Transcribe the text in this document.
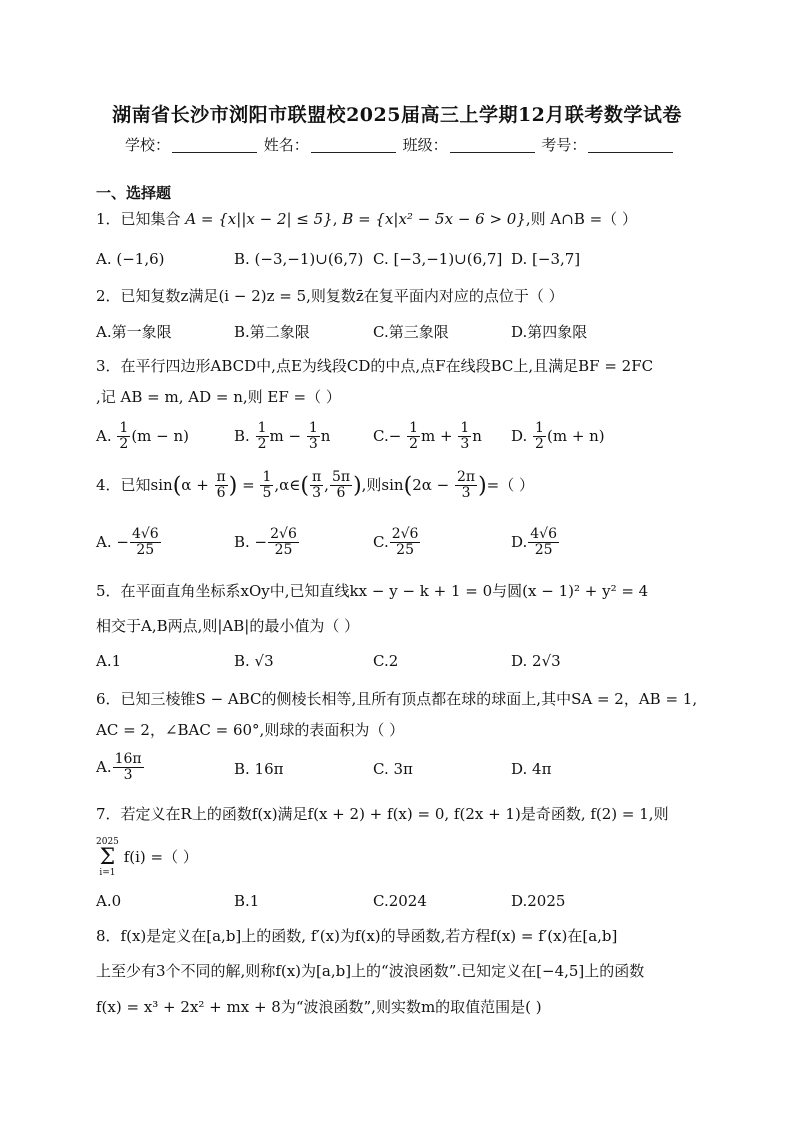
湖南省长沙市浏阳市联盟校2025届高三上学期12月联考数学试卷
学校：	姓名：	班级：	考号：
一、选择题
1．已知集合 A = {x||x − 2| ≤ 5}, B = {x|x² − 5x − 6 > 0},则 A∩B =（ ）
A. (−1,6)	B. (−3,−1)∪(6,7) C. [−3,−1)∪(6,7] D. [−3,7]
2．已知复数z满足(i − 2)z = 5,则复数z̄在复平面内对应的点位于（ ）
A.第一象限	B.第二象限	C.第三象限	D.第四象限
3．在平行四边形ABCD中,点E为线段CD的中点,点F在线段BC上,且满足BF = 2FC
,记 AB = m, AD = n,则 EF =（ ）
A. $\frac{1}{2} (m - n)$	B. $\frac{1}{2}$ $m - \frac{1}{3}$ n	$C.- \frac{1}{2}$ $m + \frac{1}{3}$ n D. $\frac{1}{2} (m + n)$
4．已知$\sin(\alpha + \frac{\pi}{6}$ ) = $\frac{1}{5}$ ,α∈( $\frac{\pi}{3}$ , $\frac{5\pi}{6}$ ),则$\sin(2\alpha - \frac{2\pi}{3}$ )=（ ）
A. − $\frac{4√6}{25}$	B. − $\frac{2√6}{25}$	C. $\frac{2√6}{25}$	D. $\frac{4√6}{25}$
5．在平面直角坐标系xOy中,已知直线kx − y − k + 1 = 0与圆(x − 1)² + y² = 4
相交于A,B两点,则|AB|的最小值为（ ）
A.1	B. √3	C.2	D. 2√3
6．已知三棱锥S − ABC的侧棱长相等,且所有顶点都在球的球面上,其中SA = 2，AB = 1,
AC = 2，∠BAC = 60°,则球的表面积为（ ）
A. $\frac{16\pi}{3}$	B. 16π	C. 3π	D. 4π
7．若定义在R上的函数f(x)满足f(x + 2) + f(x) = 0, f(2x + 1)是奇函数, f(2) = 1,则
2025
Σ
i=1
f(i) =（ ）
A.0	B.1	C.2024	D.2025
8．f(x)是定义在[a,b]上的函数, f′(x)为f(x)的导函数,若方程f(x) = f′(x)在[a,b]
上至少有3个不同的解,则称f(x)为[a,b]上的“波浪函数”.已知定义在[−4,5]上的函数
f(x) = x³ + 2x² + mx + 8为“波浪函数”,则实数m的取值范围是( )
